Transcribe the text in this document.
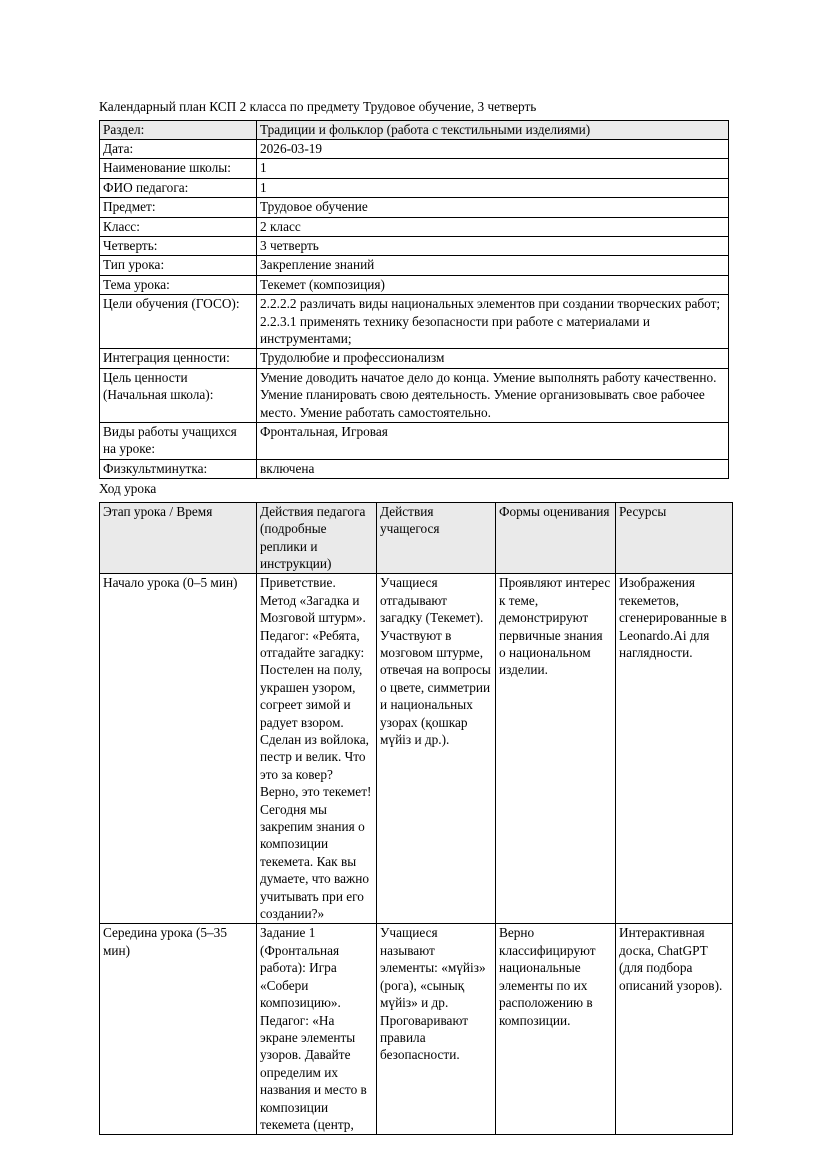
Календарный план КСП 2 класса по предмету Трудовое обучение, 3 четверть

Раздел:	Традиции и фольклор (работа с текстильными изделиями)
Дата:	2026-03-19
Наименование школы:	1
ФИО педагога:	1
Предмет:	Трудовое обучение
Класс:	2 класс
Четверть:	3 четверть
Тип урока:	Закрепление знаний
Тема урока:	Текемет (композиция)
Цели обучения (ГОСО):	2.2.2.2 различать виды национальных элементов при создании творческих работ; 2.2.3.1 применять технику безопасности при работе с материалами и инструментами;
Интеграция ценности:	Трудолюбие и профессионализм
Цель ценности (Начальная школа):	Умение доводить начатое дело до конца. Умение выполнять работу качественно. Умение планировать свою деятельность. Умение организовывать свое рабочее место. Умение работать самостоятельно.
Виды работы учащихся на уроке:	Фронтальная, Игровая
Физкультминутка:	включена

Ход урока

Этап урока / Время	Действия педагога (подробные реплики и инструкции)	Действия учащегося	Формы оценивания	Ресурсы
Начало урока (0–5 мин)	Приветствие. Метод «Загадка и Мозговой штурм». Педагог: «Ребята, отгадайте загадку: Постелен на полу, украшен узором, согреет зимой и радует взором. Сделан из войлока, пестр и велик. Что это за ковер? Верно, это текемет! Сегодня мы закрепим знания о композиции текемета. Как вы думаете, что важно учитывать при его создании?»	Учащиеся отгадывают загадку (Текемет). Участвуют в мозговом штурме, отвечая на вопросы о цвете, симметрии и национальных узорах (қошкар мүйіз и др.).	Проявляют интерес к теме, демонстрируют первичные знания о национальном изделии.	Изображения текеметов, сгенерированные в Leonardo.Ai для наглядности.
Середина урока (5–35 мин)	Задание 1 (Фронтальная работа): Игра «Собери композицию». Педагог: «На экране элементы узоров. Давайте определим их названия и место в композиции текемета (центр,	Учащиеся называют элементы: «мүйіз» (рога), «сынық мүйіз» и др. Проговаривают правила безопасности.	Верно классифицируют национальные элементы по их расположению в композиции.	Интерактивная доска, ChatGPT (для подбора описаний узоров).
